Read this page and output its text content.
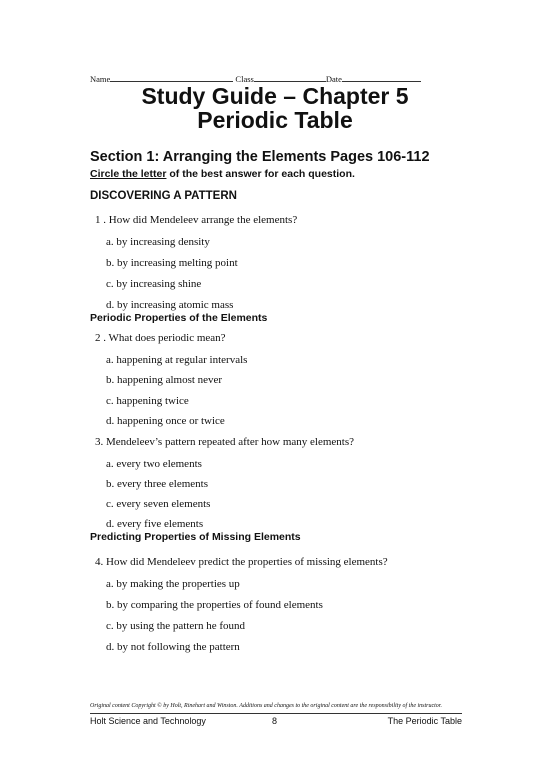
Name	Class	Date
Study Guide – Chapter 5
Periodic Table
Section 1: Arranging the Elements Pages 106-112
Circle the letter of the best answer for each question.
DISCOVERING A PATTERN
1 . How did Mendeleev arrange the elements?
a. by increasing density
b. by increasing melting point
c. by increasing shine
d. by increasing atomic mass
Periodic Properties of the Elements
2 . What does periodic mean?
a. happening at regular intervals
b. happening almost never
c. happening twice
d. happening once or twice
3. Mendeleev’s pattern repeated after how many elements?
a. every two elements
b. every three elements
c. every seven elements
d. every five elements
Predicting Properties of Missing Elements
4. How did Mendeleev predict the properties of missing elements?
a. by making the properties up
b. by comparing the properties of found elements
c. by using the pattern he found
d. by not following the pattern
Original content Copyright © by Holt, Rinehart and Winston. Additions and changes to the original content are the responsibility of the instructor.
Holt Science and Technology	8	The Periodic Table
